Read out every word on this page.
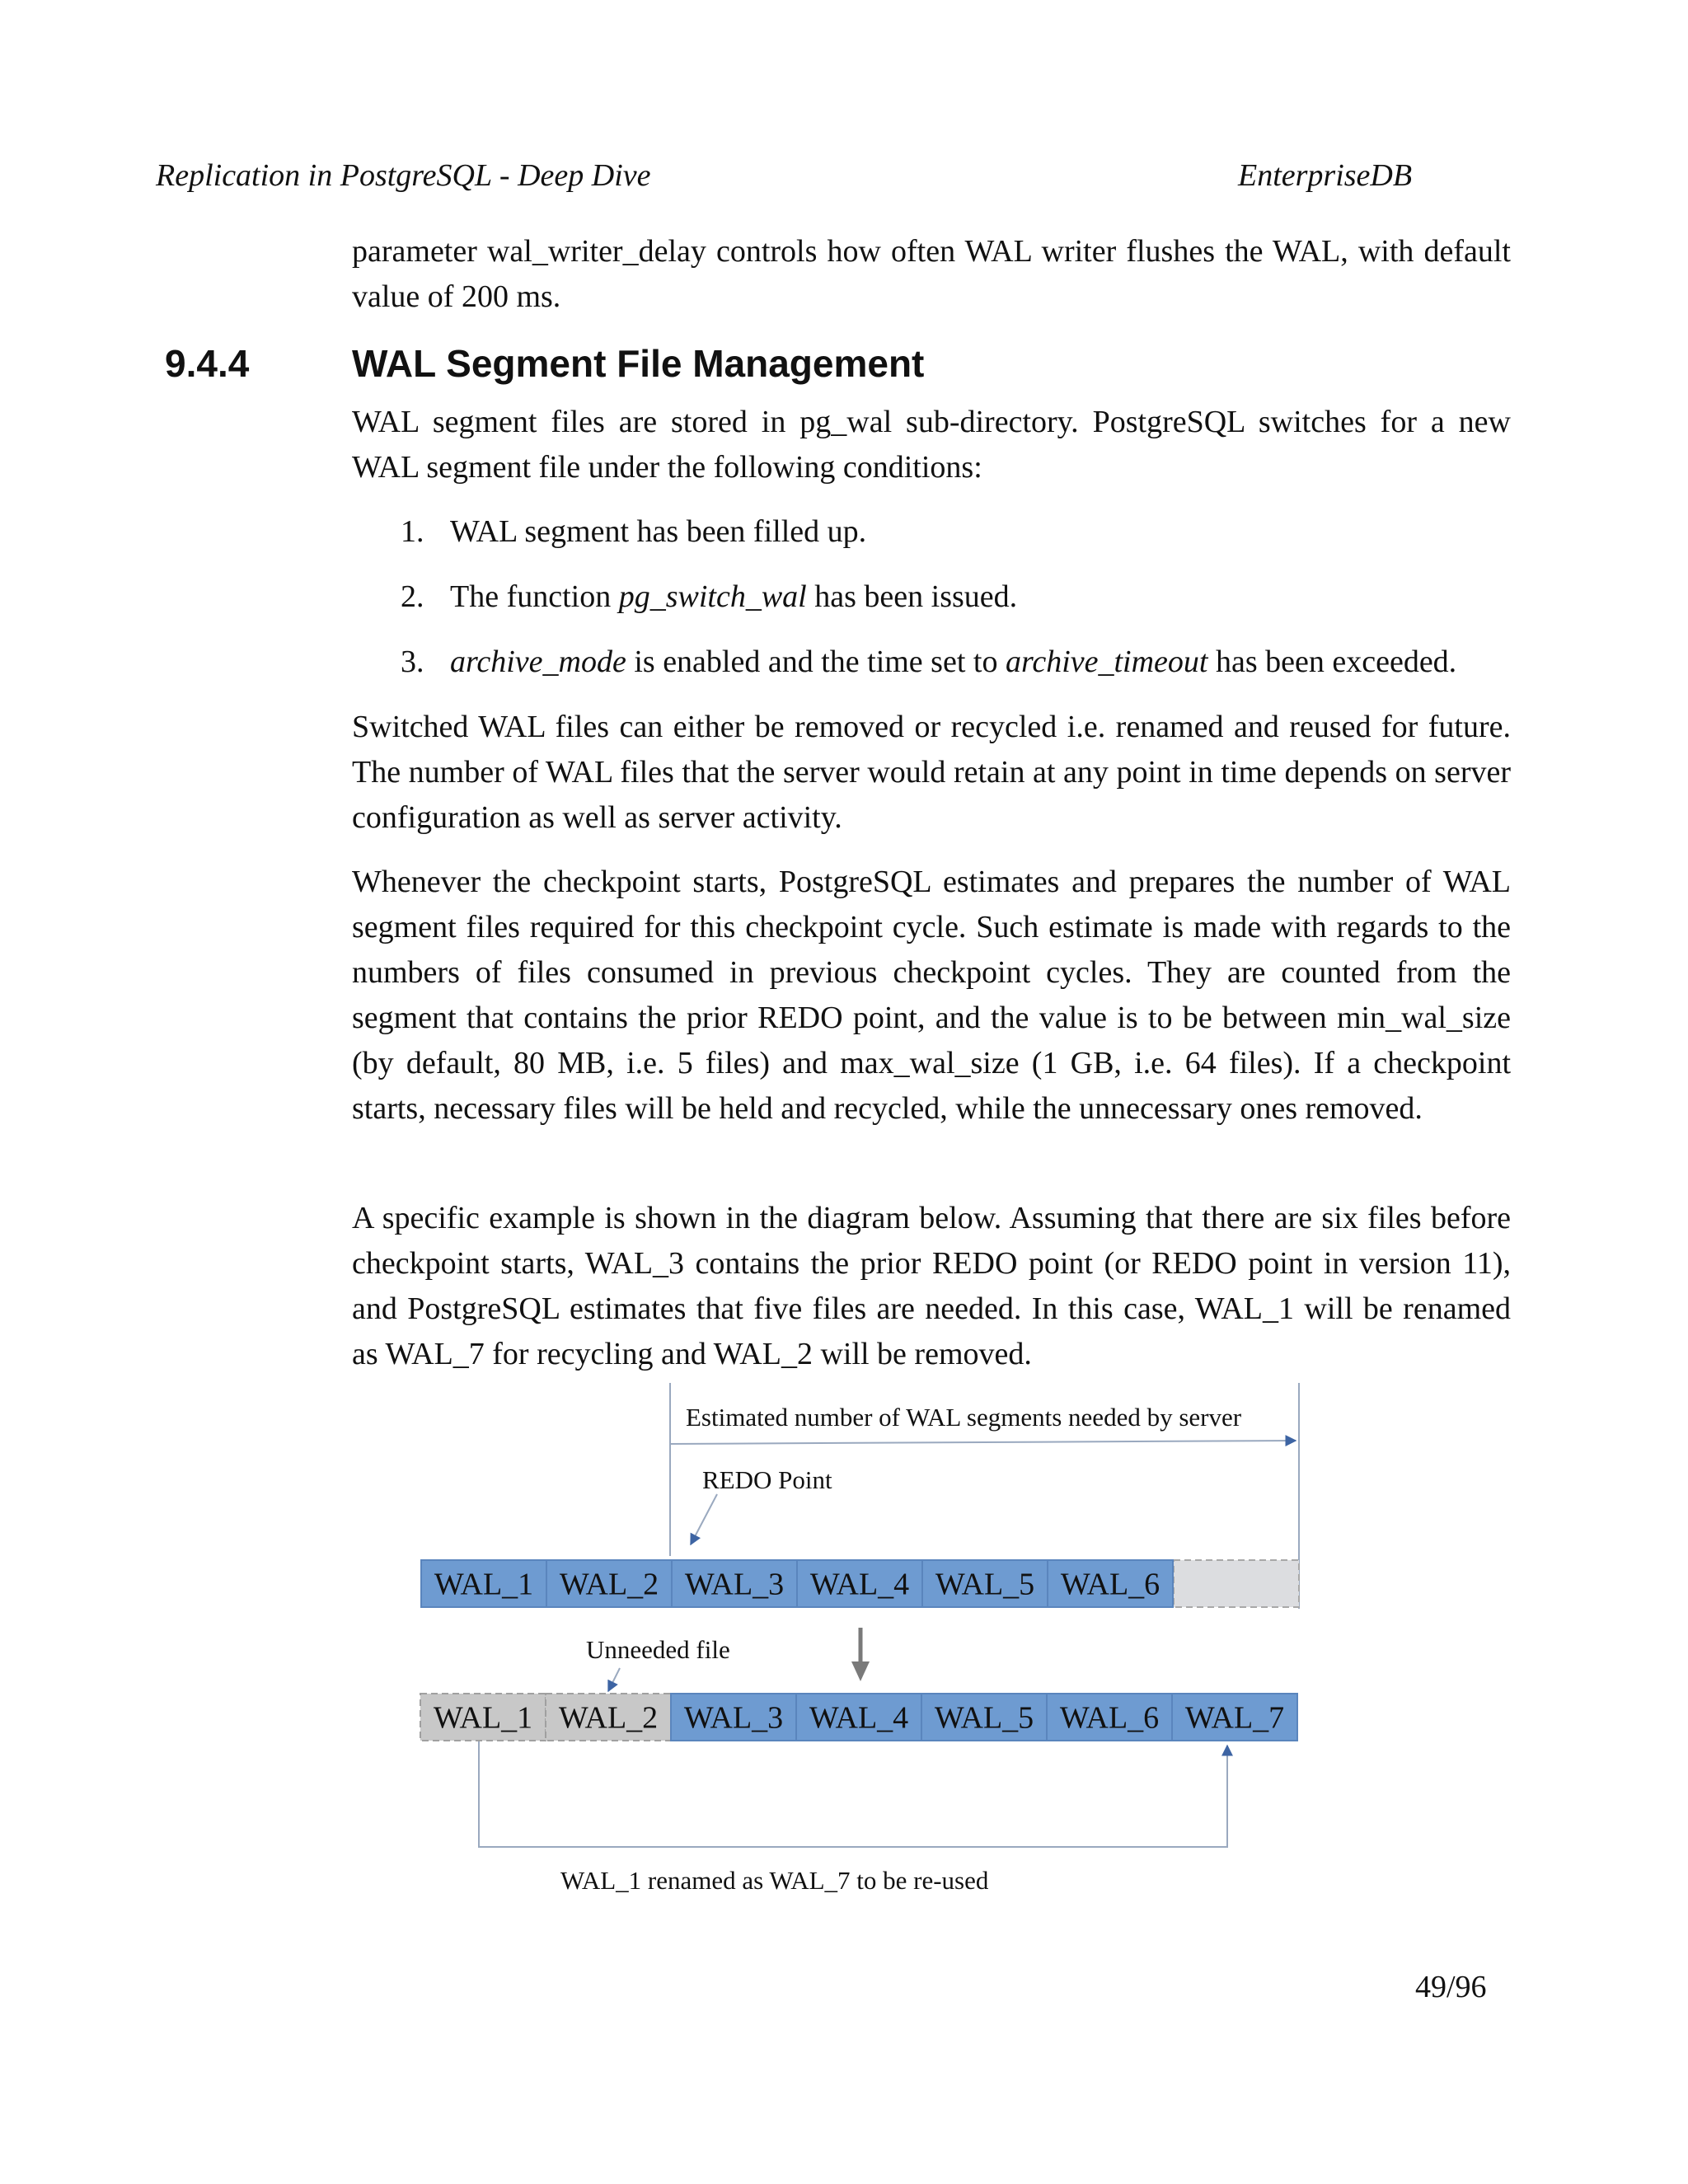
Replication in PostgreSQL - Deep Dive	EnterpriseDB

parameter wal_writer_delay controls how often WAL writer flushes the WAL, with default value of 200 ms.

9.4.4	WAL Segment File Management

WAL segment files are stored in pg_wal sub-directory. PostgreSQL switches for a new WAL segment file under the following conditions:

1. WAL segment has been filled up.
2. The function pg_switch_wal has been issued.
3. archive_mode is enabled and the time set to archive_timeout has been exceeded.

Switched WAL files can either be removed or recycled i.e. renamed and reused for future. The number of WAL files that the server would retain at any point in time depends on server configuration as well as server activity.

Whenever the checkpoint starts, PostgreSQL estimates and prepares the number of WAL segment files required for this checkpoint cycle. Such estimate is made with regards to the numbers of files consumed in previous checkpoint cycles. They are counted from the segment that contains the prior REDO point, and the value is to be between min_wal_size (by default, 80 MB, i.e. 5 files) and max_wal_size (1 GB, i.e. 64 files). If a checkpoint starts, necessary files will be held and recycled, while the unnecessary ones removed.

A specific example is shown in the diagram below. Assuming that there are six files before checkpoint starts, WAL_3 contains the prior REDO point (or REDO point in version 11), and PostgreSQL estimates that five files are needed. In this case, WAL_1 will be renamed as WAL_7 for recycling and WAL_2 will be removed.

Estimated number of WAL segments needed by server
REDO Point
WAL_1 WAL_2 WAL_3 WAL_4 WAL_5 WAL_6
Unneeded file
WAL_1 WAL_2 WAL_3 WAL_4 WAL_5 WAL_6 WAL_7
WAL_1 renamed as WAL_7 to be re-used
49/96
